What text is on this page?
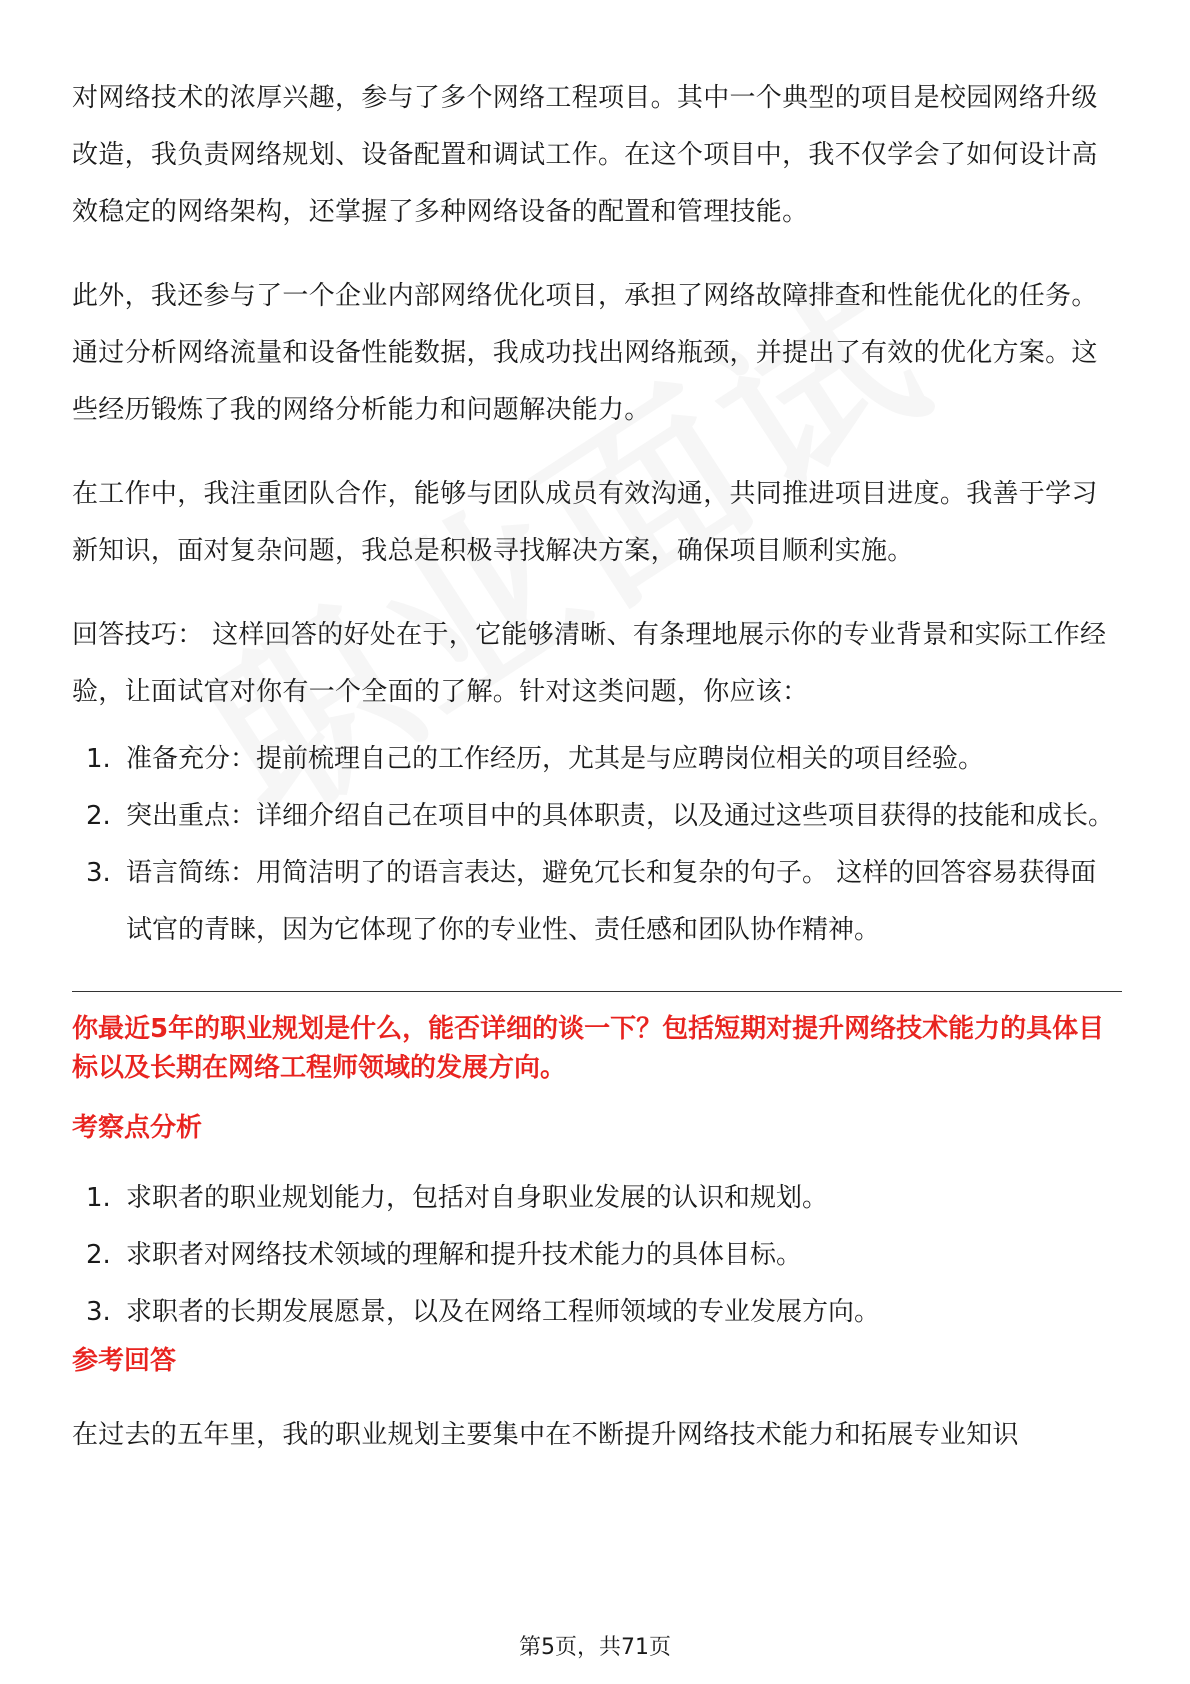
对网络技术的浓厚兴趣，参与了多个网络工程项目。其中一个典型的项目是校园网络升级改造，我负责网络规划、设备配置和调试工作。在这个项目中，我不仅学会了如何设计高效稳定的网络架构，还掌握了多种网络设备的配置和管理技能。

此外，我还参与了一个企业内部网络优化项目，承担了网络故障排查和性能优化的任务。通过分析网络流量和设备性能数据，我成功找出网络瓶颈，并提出了有效的优化方案。这些经历锻炼了我的网络分析能力和问题解决能力。

在工作中，我注重团队合作，能够与团队成员有效沟通，共同推进项目进度。我善于学习新知识，面对复杂问题，我总是积极寻找解决方案，确保项目顺利实施。

回答技巧： 这样回答的好处在于，它能够清晰、有条理地展示你的专业背景和实际工作经验，让面试官对你有一个全面的了解。针对这类问题，你应该：

1. 准备充分：提前梳理自己的工作经历，尤其是与应聘岗位相关的项目经验。
2. 突出重点：详细介绍自己在项目中的具体职责，以及通过这些项目获得的技能和成长。
3. 语言简练：用简洁明了的语言表达，避免冗长和复杂的句子。 这样的回答容易获得面试官的青睐，因为它体现了你的专业性、责任感和团队协作精神。
你最近5年的职业规划是什么，能否详细的谈一下？包括短期对提升网络技术能力的具体目标以及长期在网络工程师领域的发展方向。
考察点分析
1. 求职者的职业规划能力，包括对自身职业发展的认识和规划。
2. 求职者对网络技术领域的理解和提升技术能力的具体目标。
3. 求职者的长期发展愿景，以及在网络工程师领域的专业发展方向。
参考回答

在过去的五年里，我的职业规划主要集中在不断提升网络技术能力和拓展专业知识

第5页，共71页
